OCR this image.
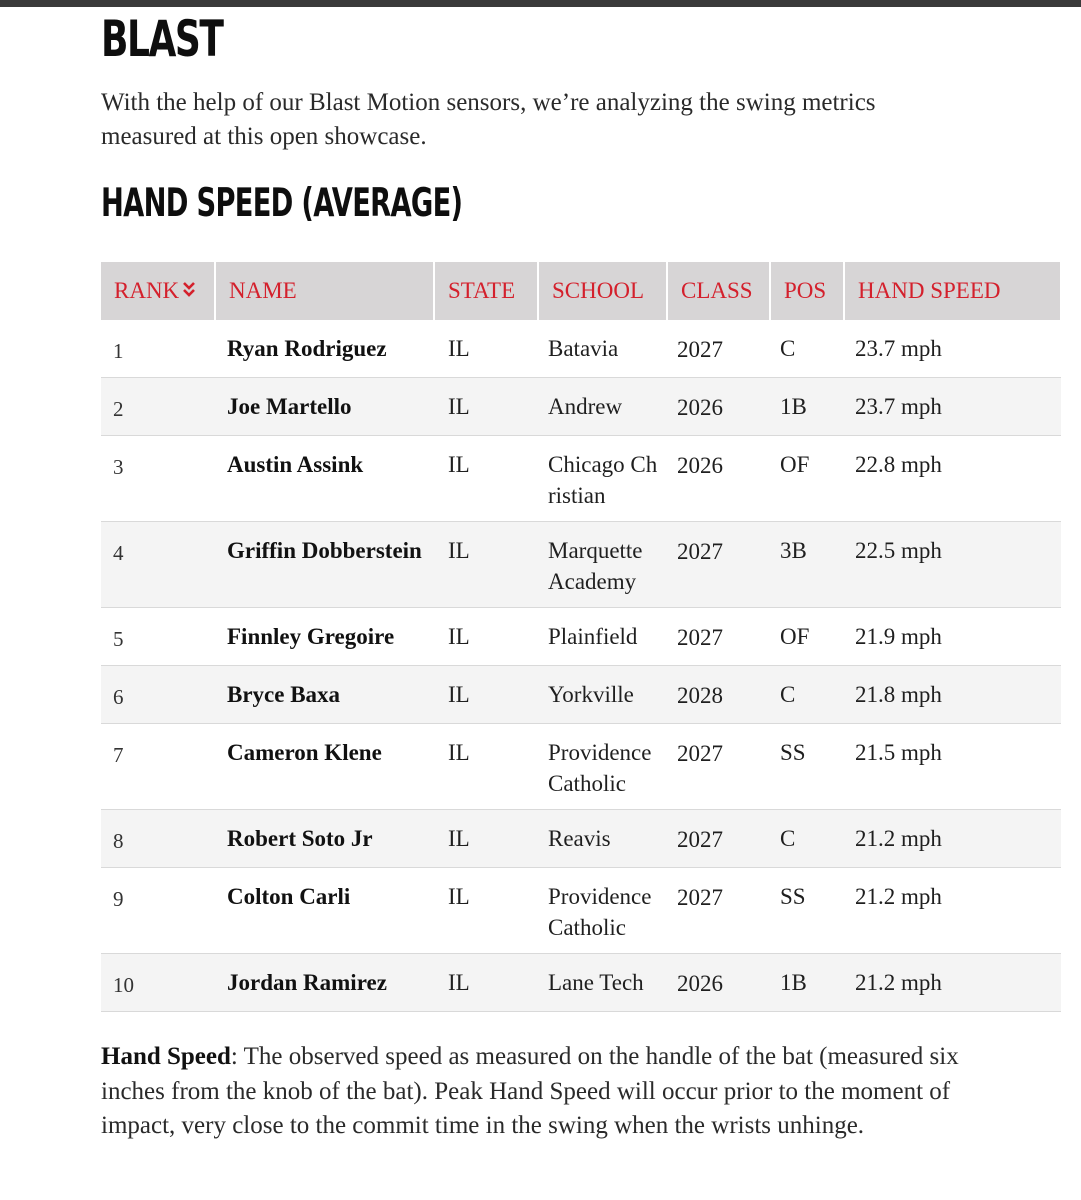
BLAST

With the help of our Blast Motion sensors, we’re analyzing the swing metrics measured at this open showcase.

HAND SPEED (AVERAGE)
RANK	NAME	STATE	SCHOOL	CLASS	POS	HAND SPEED
1	Ryan Rodriguez	IL	Batavia	2027	C	23.7 mph
2	Joe Martello	IL	Andrew	2026	1B	23.7 mph
3	Austin Assink	IL	Chicago Christian	2026	OF	22.8 mph
4	Griffin Dobberstein	IL	Marquette Academy	2027	3B	22.5 mph
5	Finnley Gregoire	IL	Plainfield	2027	OF	21.9 mph
6	Bryce Baxa	IL	Yorkville	2028	C	21.8 mph
7	Cameron Klene	IL	Providence Catholic	2027	SS	21.5 mph
8	Robert Soto Jr	IL	Reavis	2027	C	21.2 mph
9	Colton Carli	IL	Providence Catholic	2027	SS	21.2 mph
10	Jordan Ramirez	IL	Lane Tech	2026	1B	21.2 mph

Hand Speed: The observed speed as measured on the handle of the bat (measured six inches from the knob of the bat). Peak Hand Speed will occur prior to the moment of impact, very close to the commit time in the swing when the wrists unhinge.
